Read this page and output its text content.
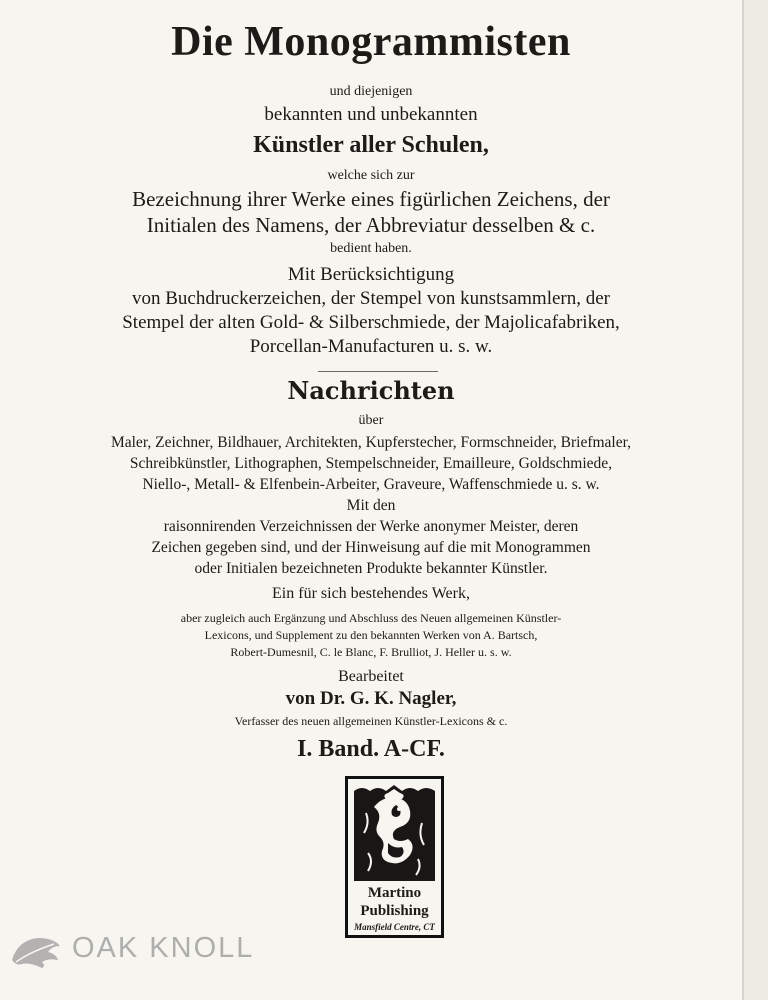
Die Monogrammisten
und diejenigen
bekannten und unbekannten
Künstler aller Schulen,
welche sich zur
Bezeichnung ihrer Werke eines figürlichen Zeichens, der
Initialen des Namens, der Abbreviatur desselben & c.
bedient haben.
Mit Berücksichtigung
von Buchdruckerzeichen, der Stempel von kunstsammlern, der
Stempel der alten Gold- & Silberschmiede, der Majolicafabriken,
Porcellan-Manufacturen u. s. w.
Nachrichten
über
Maler, Zeichner, Bildhauer, Architekten, Kupferstecher, Formschneider, Briefmaler,
Schreibkünstler, Lithographen, Stempelschneider, Emailleure, Goldschmiede,
Niello-, Metall- & Elfenbein-Arbeiter, Graveure, Waffenschmiede u. s. w.
Mit den
raisonnirenden Verzeichnissen der Werke anonymer Meister, deren
Zeichen gegeben sind, und der Hinweisung auf die mit Monogrammen
oder Initialen bezeichneten Produkte bekannter Künstler.
Ein für sich bestehendes Werk,
aber zugleich auch Ergänzung und Abschluss des Neuen allgemeinen Künstler-
Lexicons, und Supplement zu den bekannten Werken von A. Bartsch,
Robert-Dumesnil, C. le Blanc, F. Brulliot, J. Heller u. s. w.
Bearbeitet
von Dr. G. K. Nagler,
Verfasser des neuen allgemeinen Künstler-Lexicons & c.
I. Band. A-CF.
Martino
Publishing
Mansfield Centre, CT
OAK KNOLL
